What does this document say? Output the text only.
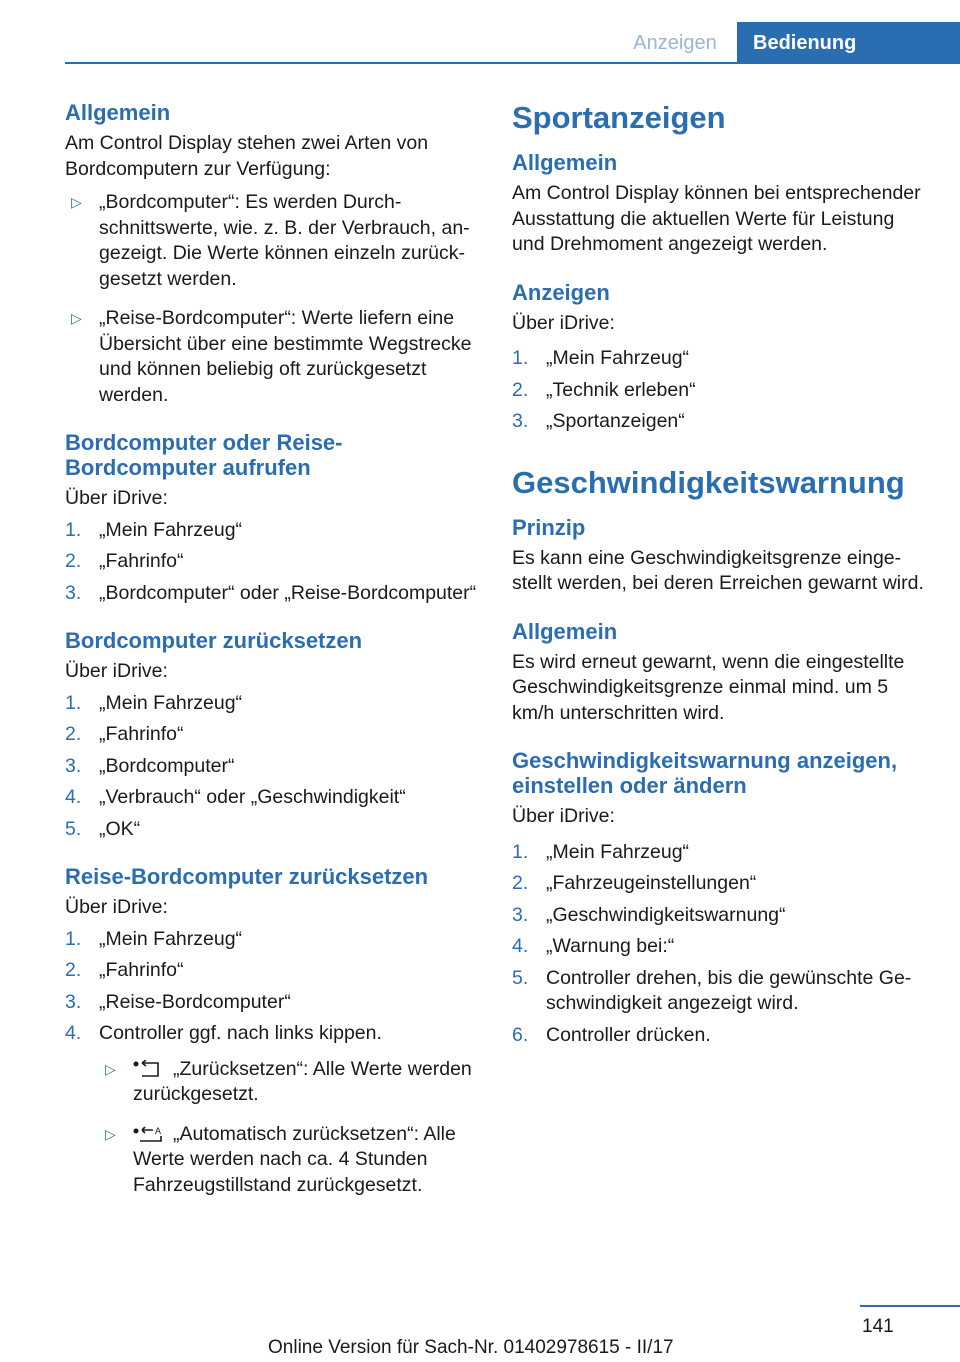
Anzeigen	Bedienung
Allgemein

Am Control Display stehen zwei Arten von Bordcomputern zur Verfügung:

▷ „Bordcomputer“: Es werden Durchschnittswerte, wie. z. B. der Verbrauch, angezeigt. Die Werte können einzeln zurückgesetzt werden.
▷ „Reise-Bordcomputer“: Werte liefern eine Übersicht über eine bestimmte Wegstrecke und können beliebig oft zurückgesetzt werden.
Bordcomputer oder Reise-Bordcomputer aufrufen

Über iDrive:

1. „Mein Fahrzeug“
2. „Fahrinfo“
3. „Bordcomputer“ oder „Reise-Bordcomputer“
Bordcomputer zurücksetzen

Über iDrive:

1. „Mein Fahrzeug“
2. „Fahrinfo“
3. „Bordcomputer“
4. „Verbrauch“ oder „Geschwindigkeit“
5. „OK“
Reise-Bordcomputer zurücksetzen

Über iDrive:

1. „Mein Fahrzeug“
2. „Fahrinfo“
3. „Reise-Bordcomputer“
4. Controller ggf. nach links kippen.
▷ „Zurücksetzen“: Alle Werte werden zurückgesetzt.
▷ A „Automatisch zurücksetzen“: Alle Werte werden nach ca. 4 Stunden Fahrzeugstillstand zurückgesetzt.
Sportanzeigen
Allgemein

Am Control Display können bei entsprechender Ausstattung die aktuellen Werte für Leistung und Drehmoment angezeigt werden.

Anzeigen

Über iDrive:

1. „Mein Fahrzeug“
2. „Technik erleben“
3. „Sportanzeigen“
Geschwindigkeitswarnung
Prinzip

Es kann eine Geschwindigkeitsgrenze eingestellt werden, bei deren Erreichen gewarnt wird.

Allgemein

Es wird erneut gewarnt, wenn die eingestellte Geschwindigkeitsgrenze einmal mind. um 5 km/h unterschritten wird.

Geschwindigkeitswarnung anzeigen, einstellen oder ändern

Über iDrive:

1. „Mein Fahrzeug“
2. „Fahrzeugeinstellungen“
3. „Geschwindigkeitswarnung“
4. „Warnung bei:“
5. Controller drehen, bis die gewünschte Geschwindigkeit angezeigt wird.
6. Controller drücken.
141
Online Version für Sach-Nr. 01402978615 - II/17
